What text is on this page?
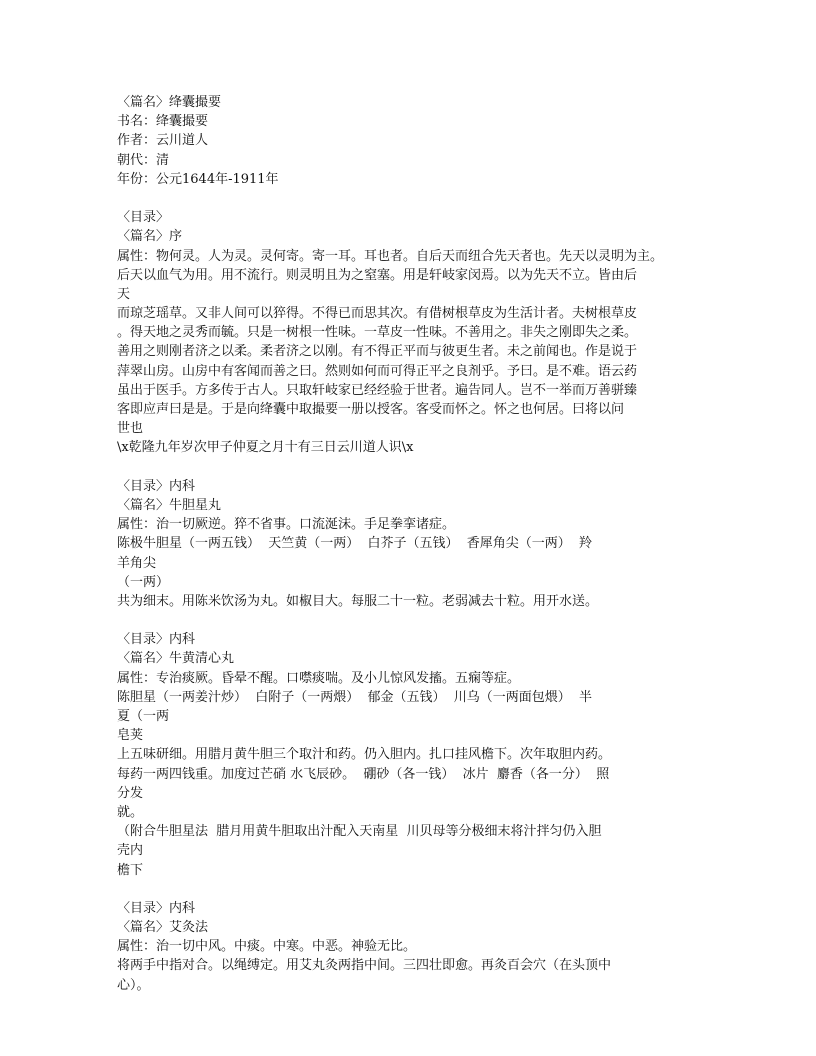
〈篇名〉绛囊撮要
书名：绛囊撮要
作者：云川道人
朝代：清
年份：公元1644年-1911年
〈目录〉
〈篇名〉序
属性：物何灵。人为灵。灵何寄。寄一耳。耳也者。自后天而纽合先天者也。先天以灵明为主。
后天以血气为用。用不流行。则灵明且为之窒塞。用是轩岐家闵焉。以为先天不立。皆由后
天
而琼芝瑶草。又非人间可以猝得。不得已而思其次。有借树根草皮为生活计者。夫树根草皮
。得天地之灵秀而毓。只是一树根一性味。一草皮一性味。不善用之。非失之刚即失之柔。
善用之则刚者济之以柔。柔者济之以刚。有不得正平而与彼更生者。未之前闻也。作是说于
萍翠山房。山房中有客闻而善之曰。然则如何而可得正平之良剂乎。予曰。是不难。语云药
虽出于医手。方多传于古人。只取轩岐家已经经验于世者。遍告同人。岂不一举而万善骈臻
客即应声曰是是。于是向绛囊中取撮要一册以授客。客受而怀之。怀之也何居。曰将以问
世也
\x乾隆九年岁次甲子仲夏之月十有三日云川道人识\x
〈目录〉内科
〈篇名〉牛胆星丸
属性：治一切厥逆。猝不省事。口流涎沫。手足拳挛诸症。
陈极牛胆星（一两五钱）  天竺黄（一两）  白芥子（五钱）  香犀角尖（一两）  羚
羊角尖
（一两）
共为细末。用陈米饮汤为丸。如椒目大。每服二十一粒。老弱减去十粒。用开水送。
〈目录〉内科
〈篇名〉牛黄清心丸
属性：专治痰厥。昏晕不醒。口噤痰喘。及小儿惊风发搐。五痫等症。
陈胆星（一两姜汁炒）  白附子（一两煨）  郁金（五钱）  川乌（一两面包煨）  半
夏（一两
皂荚
上五味研细。用腊月黄牛胆三个取汁和药。仍入胆内。扎口挂风檐下。次年取胆内药。
每药一两四钱重。加度过芒硝 水飞辰砂。  硼砂（各一钱）  冰片  麝香（各一分）  照
分发
就。
（附合牛胆星法  腊月用黄牛胆取出汁配入天南星  川贝母等分极细末将汁拌匀仍入胆
壳内
檐下
〈目录〉内科
〈篇名〉艾灸法
属性：治一切中风。中痰。中寒。中恶。神验无比。
将两手中指对合。以绳缚定。用艾丸灸两指中间。三四壮即愈。再灸百会穴（在头顶中
心）。
